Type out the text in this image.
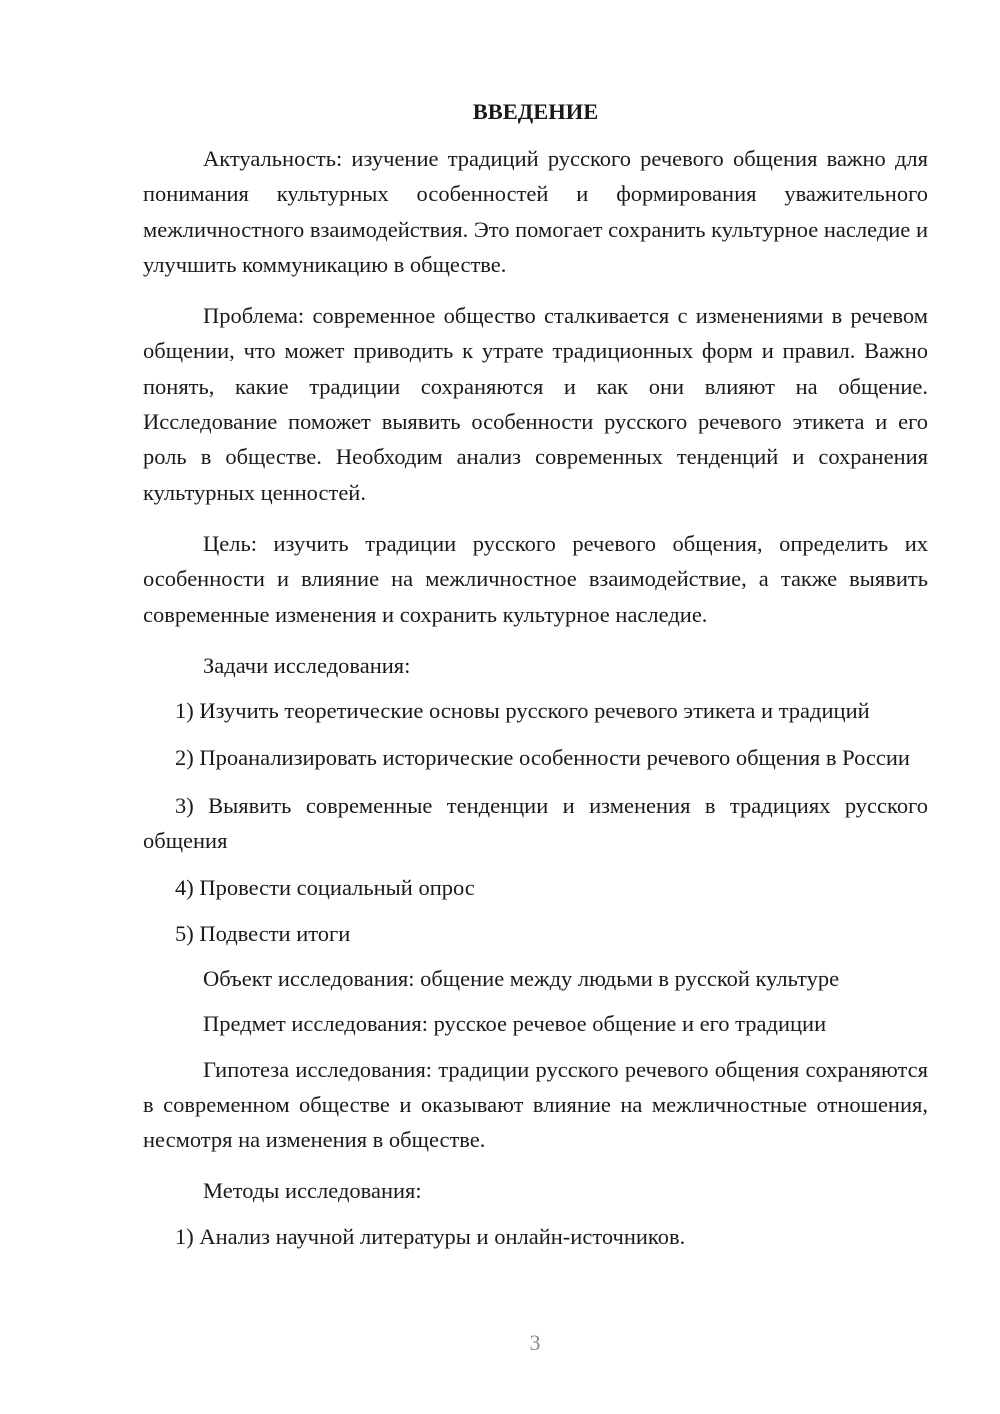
ВВЕДЕНИЕ

Актуальность: изучение традиций русского речевого общения важно для понимания культурных особенностей и формирования уважительного межличностного взаимодействия. Это помогает сохранить культурное наследие и улучшить коммуникацию в обществе.

Проблема: современное общество сталкивается с изменениями в речевом общении, что может приводить к утрате традиционных форм и правил. Важно понять, какие традиции сохраняются и как они влияют на общение. Исследование поможет выявить особенности русского речевого этикета и его роль в обществе. Необходим анализ современных тенденций и сохранения культурных ценностей.

Цель: изучить традиции русского речевого общения, определить их особенности и влияние на межличностное взаимодействие, а также выявить современные изменения и сохранить культурное наследие.

Задачи исследования:

1) Изучить теоретические основы русского речевого этикета и традиций

2) Проанализировать исторические особенности речевого общения в России

3) Выявить современные тенденции и изменения в традициях русского общения

4) Провести социальный опрос

5) Подвести итоги

Объект исследования: общение между людьми в русской культуре

Предмет исследования: русское речевое общение и его традиции

Гипотеза исследования: традиции русского речевого общения сохраняются в современном обществе и оказывают влияние на межличностные отношения, несмотря на изменения в обществе.

Методы исследования:

1) Анализ научной литературы и онлайн-источников.

3
